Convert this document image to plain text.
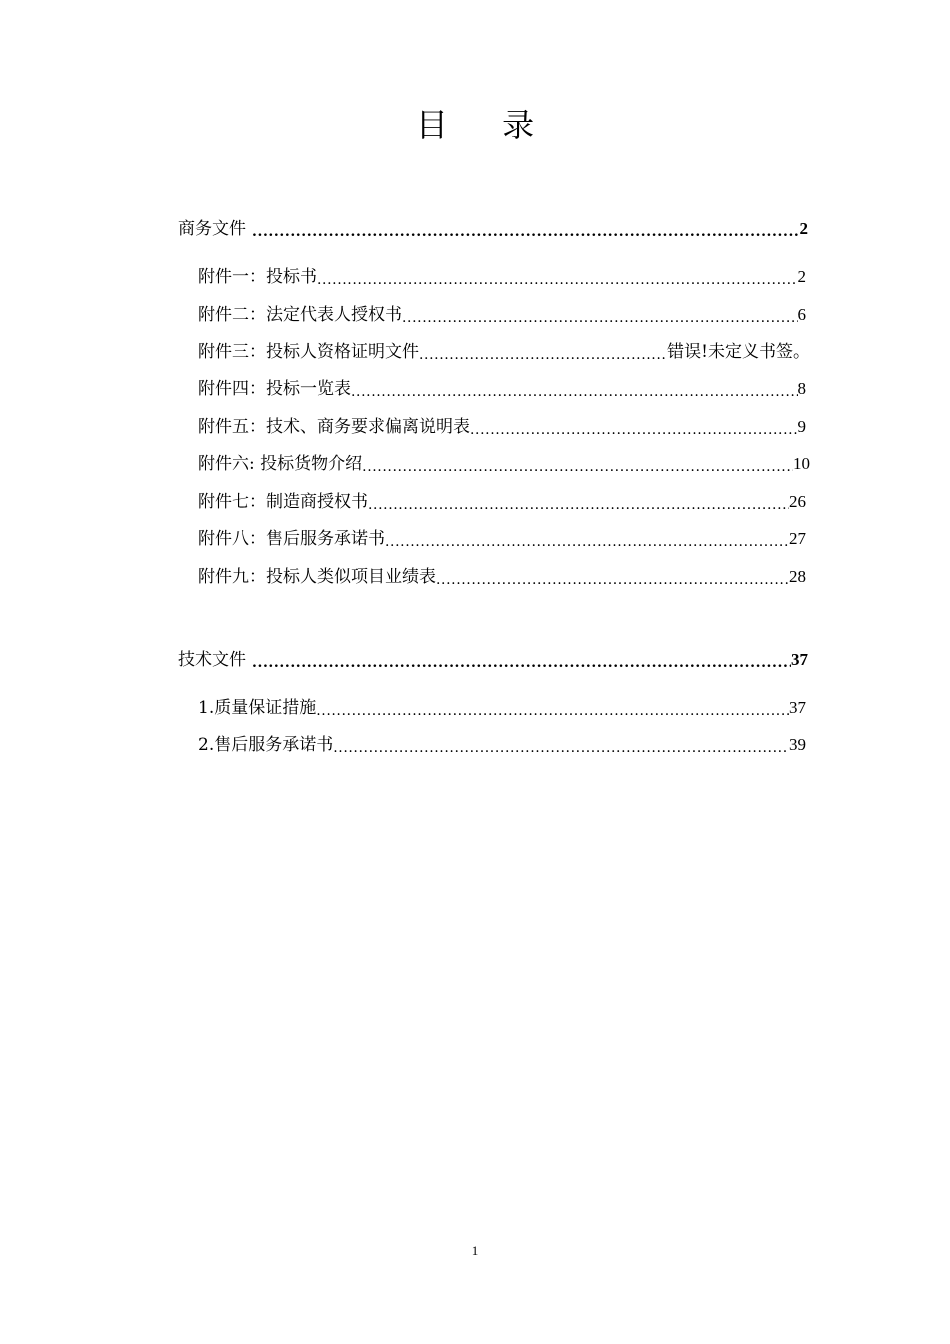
目 录
商务文件 .....	2
附件一：投标书 .....	2
附件二：法定代表人授权书 .....	6
附件三：投标人资格证明文件 .....	错误!未定义书签。
附件四：投标一览表 .....	8
附件五：技术、商务要求偏离说明表 .....	9
附件六: 投标货物介绍 .....	10
附件七：制造商授权书 .....	26
附件八：售后服务承诺书 .....	27
附件九：投标人类似项目业绩表 .....	28
技术文件 .....	37
1.质量保证措施 .....	37
2.售后服务承诺书 .....	39
1
